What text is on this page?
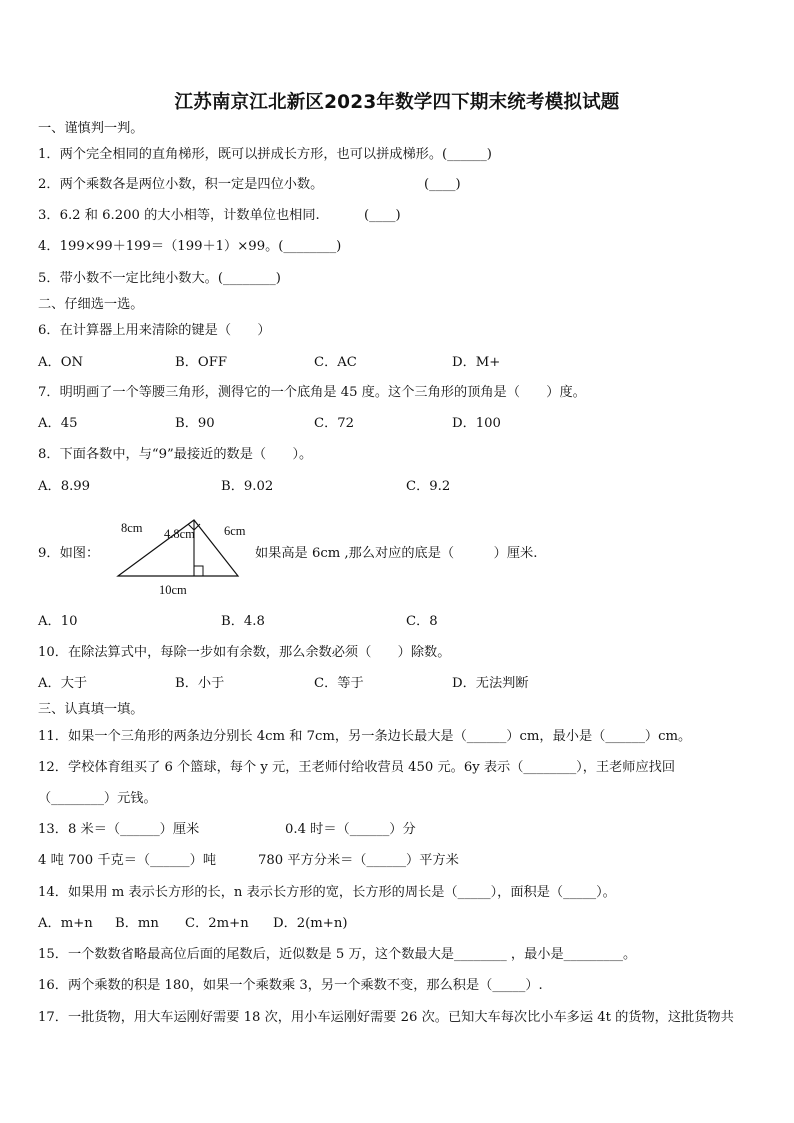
江苏南京江北新区2023年数学四下期末统考模拟试题
一、谨慎判一判。
1．两个完全相同的直角梯形，既可以拼成长方形，也可以拼成梯形。(______)
2．两个乘数各是两位小数，积一定是四位小数。	(____)
3．6.2 和 6.200 的大小相等，计数单位也相同.	(____)
4．199×99＋199＝（199＋1）×99。(________)
5．带小数不一定比纯小数大。(________)
二、仔细选一选。
6．在计算器上用来清除的键是（　　）
A．ON	B．OFF	C．AC	D．M+
7．明明画了一个等腰三角形，测得它的一个底角是 45 度。这个三角形的顶角是（　　）度。
A．45	B．90	C．72	D．100
8．下面各数中，与“9”最接近的数是（　　）。
A．8.99	B．9.02	C．9.2
9．如图：
8cm 4.8cm 6cm
10cm
如果高是 6cm ,那么对应的底是（　　　）厘米.
A．10	B．4.8	C．8
10．在除法算式中，每除一步如有余数，那么余数必须（　　）除数。
A．大于	B．小于	C．等于	D．无法判断
三、认真填一填。
11．如果一个三角形的两条边分别长 4cm 和 7cm，另一条边长最大是（______）cm，最小是（______）cm。
12．学校体育组买了 6 个篮球，每个 y 元，王老师付给收营员 450 元。6y 表示（________），王老师应找回
（________）元钱。
13．8 米＝（______）厘米	0.4 时＝（______）分
4 吨 700 千克＝（______）吨	780 平方分米＝（______）平方米
14．如果用 m 表示长方形的长，n 表示长方形的宽，长方形的周长是（_____），面积是（_____）。
A．m+n B．mn C．2m+n D．2(m+n)
15．一个数数省略最高位后面的尾数后，近似数是 5 万，这个数最大是________ ，最小是_________。
16．两个乘数的积是 180，如果一个乘数乘 3，另一个乘数不变，那么积是（_____）.
17．一批货物，用大车运刚好需要 18 次，用小车运刚好需要 26 次。已知大车每次比小车多运 4t 的货物，这批货物共
